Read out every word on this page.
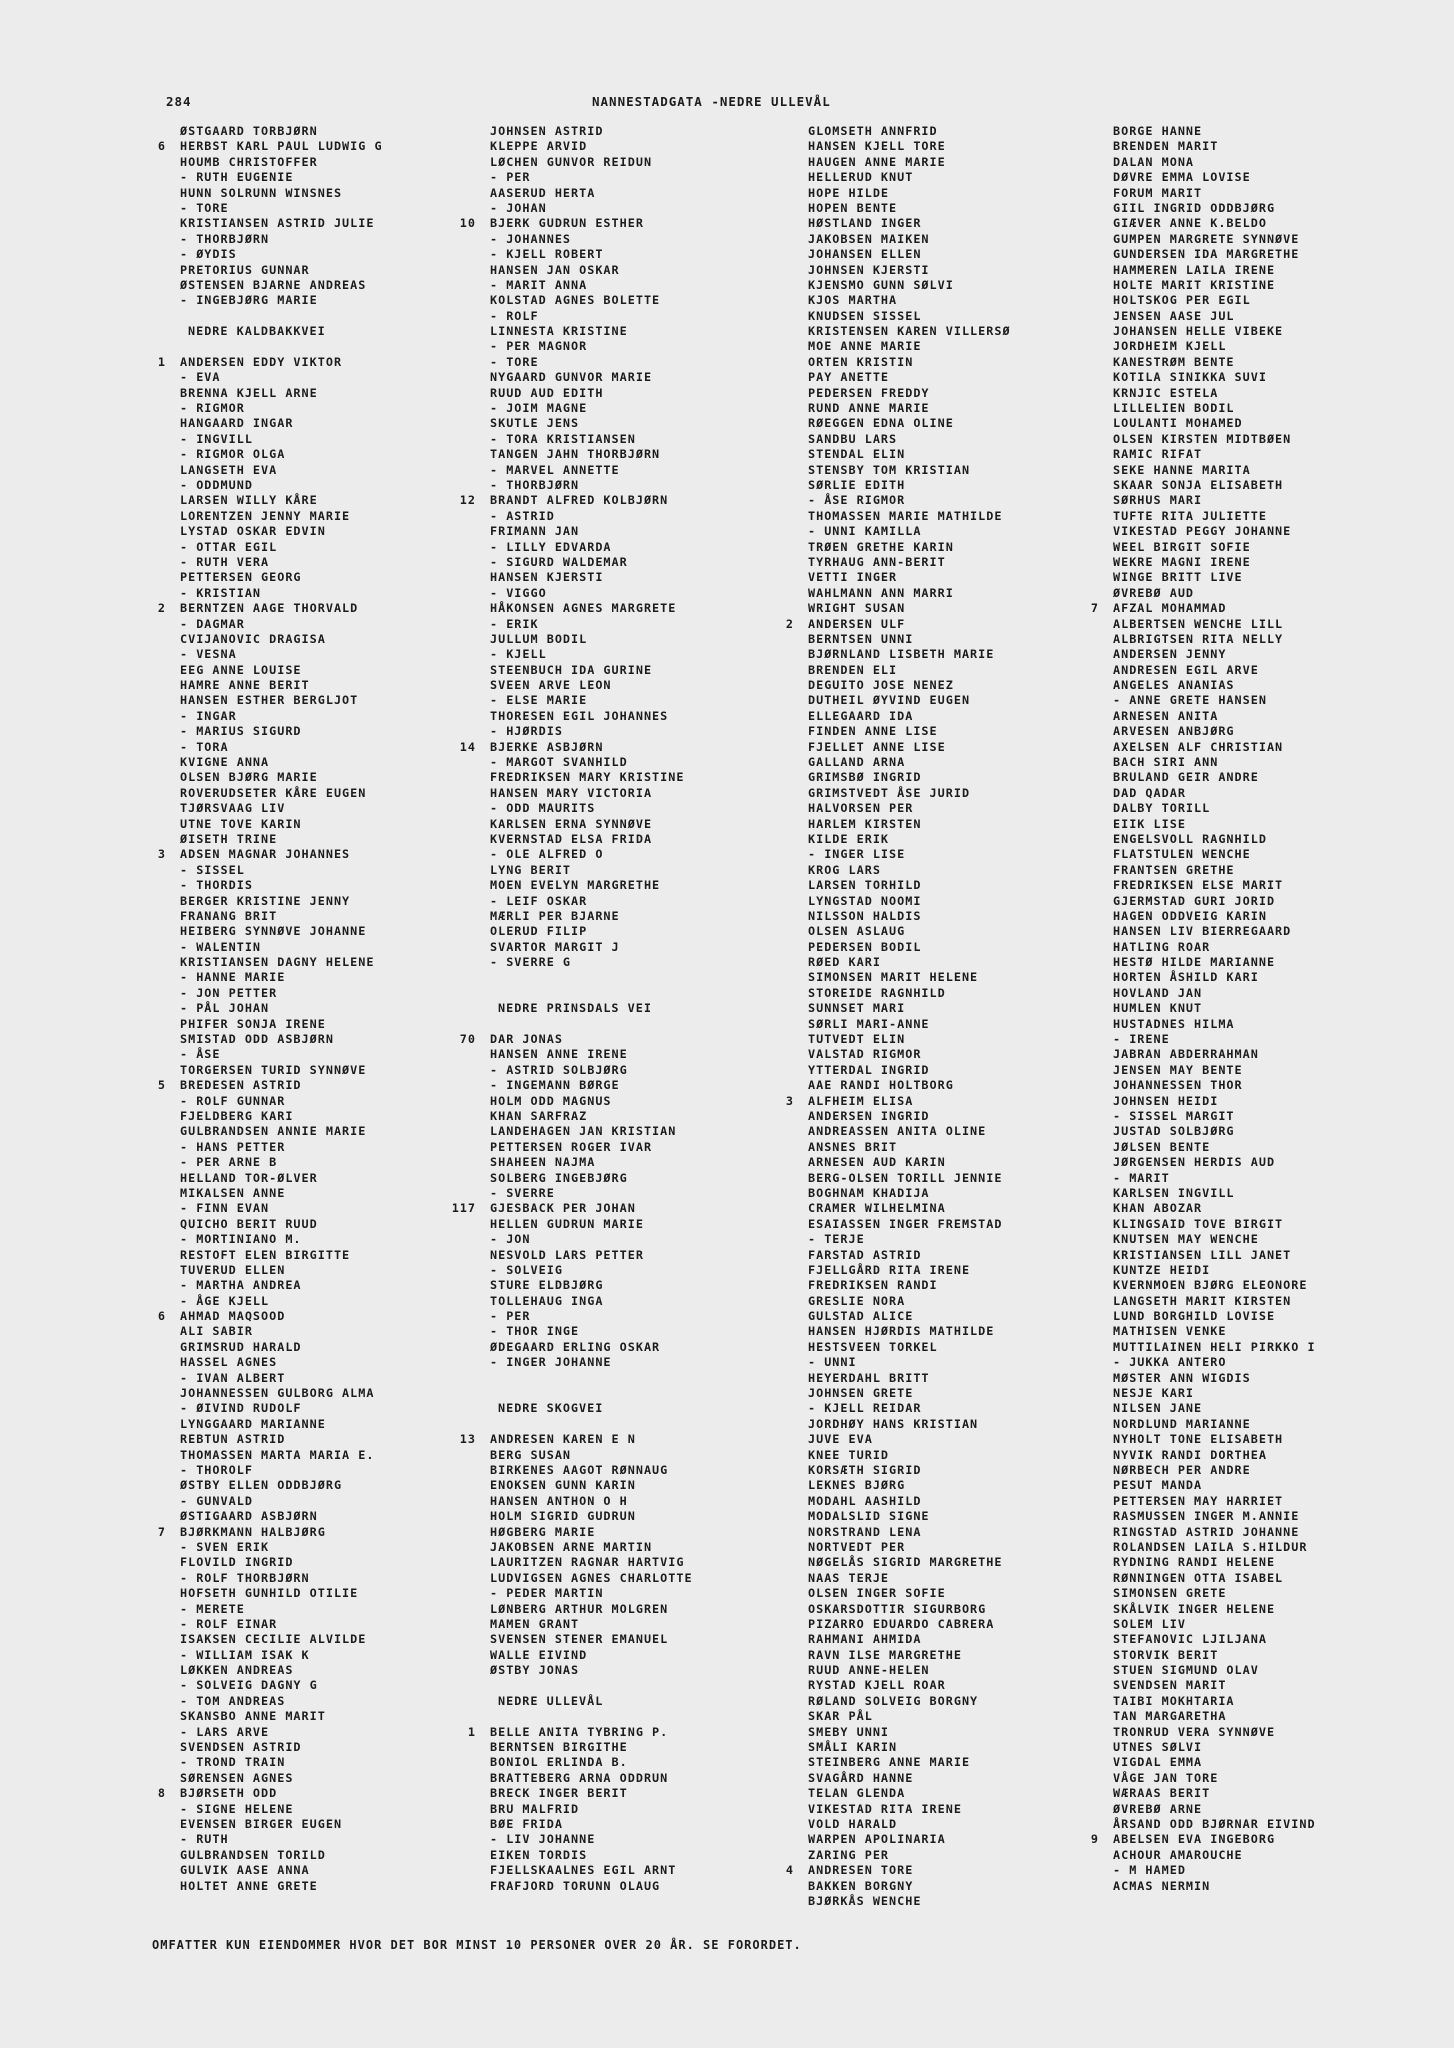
284	NANNESTADGATA -NEDRE ULLEVÅL
ØSTGAARD TORBJØRN
6 HERBST KARL PAUL LUDWIG G
HOUMB CHRISTOFFER
- RUTH EUGENIE
HUNN SOLRUNN WINSNES
- TORE
KRISTIANSEN ASTRID JULIE
- THORBJØRN
- ØYDIS
PRETORIUS GUNNAR
ØSTENSEN BJARNE ANDREAS
- INGEBJØRG MARIE
NEDRE KALDBAKKVEI
1 ANDERSEN EDDY VIKTOR
- EVA
BRENNA KJELL ARNE
- RIGMOR
HANGAARD INGAR
- INGVILL
- RIGMOR OLGA
LANGSETH EVA
- ODDMUND
LARSEN WILLY KÅRE
LORENTZEN JENNY MARIE
LYSTAD OSKAR EDVIN
- OTTAR EGIL
- RUTH VERA
PETTERSEN GEORG
- KRISTIAN
2 BERNTZEN AAGE THORVALD
- DAGMAR
CVIJANOVIC DRAGISA
- VESNA
EEG ANNE LOUISE
HAMRE ANNE BERIT
HANSEN ESTHER BERGLJOT
- INGAR
- MARIUS SIGURD
- TORA
KVIGNE ANNA
OLSEN BJØRG MARIE
ROVERUDSETER KÅRE EUGEN
TJØRSVAAG LIV
UTNE TOVE KARIN
ØISETH TRINE
3 ADSEN MAGNAR JOHANNES
- SISSEL
- THORDIS
BERGER KRISTINE JENNY
FRANANG BRIT
HEIBERG SYNNØVE JOHANNE
- WALENTIN
KRISTIANSEN DAGNY HELENE
- HANNE MARIE
- JON PETTER
- PÅL JOHAN
PHIFER SONJA IRENE
SMISTAD ODD ASBJØRN
- ÅSE
TORGERSEN TURID SYNNØVE
5 BREDESEN ASTRID
- ROLF GUNNAR
FJELDBERG KARI
GULBRANDSEN ANNIE MARIE
- HANS PETTER
- PER ARNE B
HELLAND TOR-ØLVER
MIKALSEN ANNE
- FINN EVAN
QUICHO BERIT RUUD
- MORTINIANO M.
RESTOFT ELEN BIRGITTE
TUVERUD ELLEN
- MARTHA ANDREA
- ÅGE KJELL
6 AHMAD MAQSOOD
ALI SABIR
GRIMSRUD HARALD
HASSEL AGNES
- IVAN ALBERT
JOHANNESSEN GULBORG ALMA
- ØIVIND RUDOLF
LYNGGAARD MARIANNE
REBTUN ASTRID
THOMASSEN MARTA MARIA E.
- THOROLF
ØSTBY ELLEN ODDBJØRG
- GUNVALD
ØSTIGAARD ASBJØRN
7 BJØRKMANN HALBJØRG
- SVEN ERIK
FLOVILD INGRID
- ROLF THORBJØRN
HOFSETH GUNHILD OTILIE
- MERETE
- ROLF EINAR
ISAKSEN CECILIE ALVILDE
- WILLIAM ISAK K
LØKKEN ANDREAS
- SOLVEIG DAGNY G
- TOM ANDREAS
SKANSBO ANNE MARIT
- LARS ARVE
SVENDSEN ASTRID
- TROND TRAIN
SØRENSEN AGNES
8 BJØRSETH ODD
- SIGNE HELENE
EVENSEN BIRGER EUGEN
- RUTH
GULBRANDSEN TORILD
GULVIK AASE ANNA
HOLTET ANNE GRETE
JOHNSEN ASTRID
KLEPPE ARVID
LØCHEN GUNVOR REIDUN
- PER
AASERUD HERTA
- JOHAN
10 BJERK GUDRUN ESTHER
- JOHANNES
- KJELL ROBERT
HANSEN JAN OSKAR
- MARIT ANNA
KOLSTAD AGNES BOLETTE
- ROLF
LINNESTA KRISTINE
- PER MAGNOR
- TORE
NYGAARD GUNVOR MARIE
RUUD AUD EDITH
- JOIM MAGNE
SKUTLE JENS
- TORA KRISTIANSEN
TANGEN JAHN THORBJØRN
- MARVEL ANNETTE
- THORBJØRN
12 BRANDT ALFRED KOLBJØRN
- ASTRID
FRIMANN JAN
- LILLY EDVARDA
- SIGURD WALDEMAR
HANSEN KJERSTI
- VIGGO
HÅKONSEN AGNES MARGRETE
- ERIK
JULLUM BODIL
- KJELL
STEENBUCH IDA GURINE
SVEEN ARVE LEON
- ELSE MARIE
THORESEN EGIL JOHANNES
- HJØRDIS
14 BJERKE ASBJØRN
- MARGOT SVANHILD
FREDRIKSEN MARY KRISTINE
HANSEN MARY VICTORIA
- ODD MAURITS
KARLSEN ERNA SYNNØVE
KVERNSTAD ELSA FRIDA
- OLE ALFRED O
LYNG BERIT
MOEN EVELYN MARGRETHE
- LEIF OSKAR
MÆRLI PER BJARNE
OLERUD FILIP
SVARTOR MARGIT J
- SVERRE G
NEDRE PRINSDALS VEI
70 DAR JONAS
HANSEN ANNE IRENE
- ASTRID SOLBJØRG
- INGEMANN BØRGE
HOLM ODD MAGNUS
KHAN SARFRAZ
LANDEHAGEN JAN KRISTIAN
PETTERSEN ROGER IVAR
SHAHEEN NAJMA
SOLBERG INGEBJØRG
- SVERRE
117 GJESBACK PER JOHAN
HELLEN GUDRUN MARIE
- JON
NESVOLD LARS PETTER
- SOLVEIG
STURE ELDBJØRG
TOLLEHAUG INGA
- PER
- THOR INGE
ØDEGAARD ERLING OSKAR
- INGER JOHANNE
NEDRE SKOGVEI
13 ANDRESEN KAREN E N
BERG SUSAN
BIRKENES AAGOT RØNNAUG
ENOKSEN GUNN KARIN
HANSEN ANTHON O H
HOLM SIGRID GUDRUN
HØGBERG MARIE
JAKOBSEN ARNE MARTIN
LAURITZEN RAGNAR HARTVIG
LUDVIGSEN AGNES CHARLOTTE
- PEDER MARTIN
LØNBERG ARTHUR MOLGREN
MAMEN GRANT
SVENSEN STENER EMANUEL
WALLE EIVIND
ØSTBY JONAS
NEDRE ULLEVÅL
1 BELLE ANITA TYBRING P.
BERNTSEN BIRGITHE
BONIOL ERLINDA B.
BRATTEBERG ARNA ODDRUN
BRECK INGER BERIT
BRU MALFRID
BØE FRIDA
- LIV JOHANNE
EIKEN TORDIS
FJELLSKAALNES EGIL ARNT
FRAFJORD TORUNN OLAUG
GLOMSETH ANNFRID
HANSEN KJELL TORE
HAUGEN ANNE MARIE
HELLERUD KNUT
HOPE HILDE
HOPEN BENTE
HØSTLAND INGER
JAKOBSEN MAIKEN
JOHANSEN ELLEN
JOHNSEN KJERSTI
KJENSMO GUNN SØLVI
KJOS MARTHA
KNUDSEN SISSEL
KRISTENSEN KAREN VILLERSØ
MOE ANNE MARIE
ORTEN KRISTIN
PAY ANETTE
PEDERSEN FREDDY
RUND ANNE MARIE
RØEGGEN EDNA OLINE
SANDBU LARS
STENDAL ELIN
STENSBY TOM KRISTIAN
SØRLIE EDITH
- ÅSE RIGMOR
THOMASSEN MARIE MATHILDE
- UNNI KAMILLA
TRØEN GRETHE KARIN
TYRHAUG ANN-BERIT
VETTI INGER
WAHLMANN ANN MARRI
WRIGHT SUSAN
2 ANDERSEN ULF
BERNTSEN UNNI
BJØRNLAND LISBETH MARIE
BRENDEN ELI
DEGUITO JOSE NENEZ
DUTHEIL ØYVIND EUGEN
ELLEGAARD IDA
FINDEN ANNE LISE
FJELLET ANNE LISE
GALLAND ARNA
GRIMSBØ INGRID
GRIMSTVEDT ÅSE JURID
HALVORSEN PER
HARLEM KIRSTEN
KILDE ERIK
- INGER LISE
KROG LARS
LARSEN TORHILD
LYNGSTAD NOOMI
NILSSON HALDIS
OLSEN ASLAUG
PEDERSEN BODIL
RØED KARI
SIMONSEN MARIT HELENE
STOREIDE RAGNHILD
SUNNSET MARI
SØRLI MARI-ANNE
TUTVEDT ELIN
VALSTAD RIGMOR
YTTERDAL INGRID
AAE RANDI HOLTBORG
3 ALFHEIM ELISA
ANDERSEN INGRID
ANDREASSEN ANITA OLINE
ANSNES BRIT
ARNESEN AUD KARIN
BERG-OLSEN TORILL JENNIE
BOGHNAM KHADIJA
CRAMER WILHELMINA
ESAIASSEN INGER FREMSTAD
- TERJE
FARSTAD ASTRID
FJELLGÅRD RITA IRENE
FREDRIKSEN RANDI
GRESLIE NORA
GULSTAD ALICE
HANSEN HJØRDIS MATHILDE
HESTSVEEN TORKEL
- UNNI
HEYERDAHL BRITT
JOHNSEN GRETE
- KJELL REIDAR
JORDHØY HANS KRISTIAN
JUVE EVA
KNEE TURID
KORSÆTH SIGRID
LEKNES BJØRG
MODAHL AASHILD
MODALSLID SIGNE
NORSTRAND LENA
NORTVEDT PER
NØGELÅS SIGRID MARGRETHE
NAAS TERJE
OLSEN INGER SOFIE
OSKARSDOTTIR SIGURBORG
PIZARRO EDUARDO CABRERA
RAHMANI AHMIDA
RAVN ILSE MARGRETHE
RUUD ANNE-HELEN
RYSTAD KJELL ROAR
RØLAND SOLVEIG BORGNY
SKAR PÅL
SMEBY UNNI
SMÅLI KARIN
STEINBERG ANNE MARIE
SVAGÅRD HANNE
TELAN GLENDA
VIKESTAD RITA IRENE
VOLD HARALD
WARPEN APOLINARIA
ZARING PER
4 ANDRESEN TORE
BAKKEN BORGNY
BJØRKÅS WENCHE
BORGE HANNE
BRENDEN MARIT
DALAN MONA
DØVRE EMMA LOVISE
FORUM MARIT
GIIL INGRID ODDBJØRG
GIÆVER ANNE K.BELDO
GUMPEN MARGRETE SYNNØVE
GUNDERSEN IDA MARGRETHE
HAMMEREN LAILA IRENE
HOLTE MARIT KRISTINE
HOLTSKOG PER EGIL
JENSEN AASE JUL
JOHANSEN HELLE VIBEKE
JORDHEIM KJELL
KANESTRØM BENTE
KOTILA SINIKKA SUVI
KRNJIC ESTELA
LILLELIEN BODIL
LOULANTI MOHAMED
OLSEN KIRSTEN MIDTBØEN
RAMIC RIFAT
SEKE HANNE MARITA
SKAAR SONJA ELISABETH
SØRHUS MARI
TUFTE RITA JULIETTE
VIKESTAD PEGGY JOHANNE
WEEL BIRGIT SOFIE
WEKRE MAGNI IRENE
WINGE BRITT LIVE
ØVREBØ AUD
7 AFZAL MOHAMMAD
ALBERTSEN WENCHE LILL
ALBRIGTSEN RITA NELLY
ANDERSEN JENNY
ANDRESEN EGIL ARVE
ANGELES ANANIAS
- ANNE GRETE HANSEN
ARNESEN ANITA
ARVESEN ANBJØRG
AXELSEN ALF CHRISTIAN
BACH SIRI ANN
BRULAND GEIR ANDRE
DAD QADAR
DALBY TORILL
EIIK LISE
ENGELSVOLL RAGNHILD
FLATSTULEN WENCHE
FRANTSEN GRETHE
FREDRIKSEN ELSE MARIT
GJERMSTAD GURI JORID
HAGEN ODDVEIG KARIN
HANSEN LIV BIERREGAARD
HATLING ROAR
HESTØ HILDE MARIANNE
HORTEN ÅSHILD KARI
HOVLAND JAN
HUMLEN KNUT
HUSTADNES HILMA
- IRENE
JABRAN ABDERRAHMAN
JENSEN MAY BENTE
JOHANNESSEN THOR
JOHNSEN HEIDI
- SISSEL MARGIT
JUSTAD SOLBJØRG
JØLSEN BENTE
JØRGENSEN HERDIS AUD
- MARIT
KARLSEN INGVILL
KHAN ABOZAR
KLINGSAID TOVE BIRGIT
KNUTSEN MAY WENCHE
KRISTIANSEN LILL JANET
KUNTZE HEIDI
KVERNMOEN BJØRG ELEONORE
LANGSETH MARIT KIRSTEN
LUND BORGHILD LOVISE
MATHISEN VENKE
MUTTILAINEN HELI PIRKKO I
- JUKKA ANTERO
MØSTER ANN WIGDIS
NESJE KARI
NILSEN JANE
NORDLUND MARIANNE
NYHOLT TONE ELISABETH
NYVIK RANDI DORTHEA
NØRBECH PER ANDRE
PESUT MANDA
PETTERSEN MAY HARRIET
RASMUSSEN INGER M.ANNIE
RINGSTAD ASTRID JOHANNE
ROLANDSEN LAILA S.HILDUR
RYDNING RANDI HELENE
RØNNINGEN OTTA ISABEL
SIMONSEN GRETE
SKÅLVIK INGER HELENE
SOLEM LIV
STEFANOVIC LJILJANA
STORVIK BERIT
STUEN SIGMUND OLAV
SVENDSEN MARIT
TAIBI MOKHTARIA
TAN MARGARETHA
TRONRUD VERA SYNNØVE
UTNES SØLVI
VIGDAL EMMA
VÅGE JAN TORE
WÆRAAS BERIT
ØVREBØ ARNE
ÅRSAND ODD BJØRNAR EIVIND
9 ABELSEN EVA INGEBORG
ACHOUR AMAROUCHE
- M HAMED
ACMAS NERMIN
OMFATTER KUN EIENDOMMER HVOR DET BOR MINST 10 PERSONER OVER 20 ÅR. SE FORORDET.
